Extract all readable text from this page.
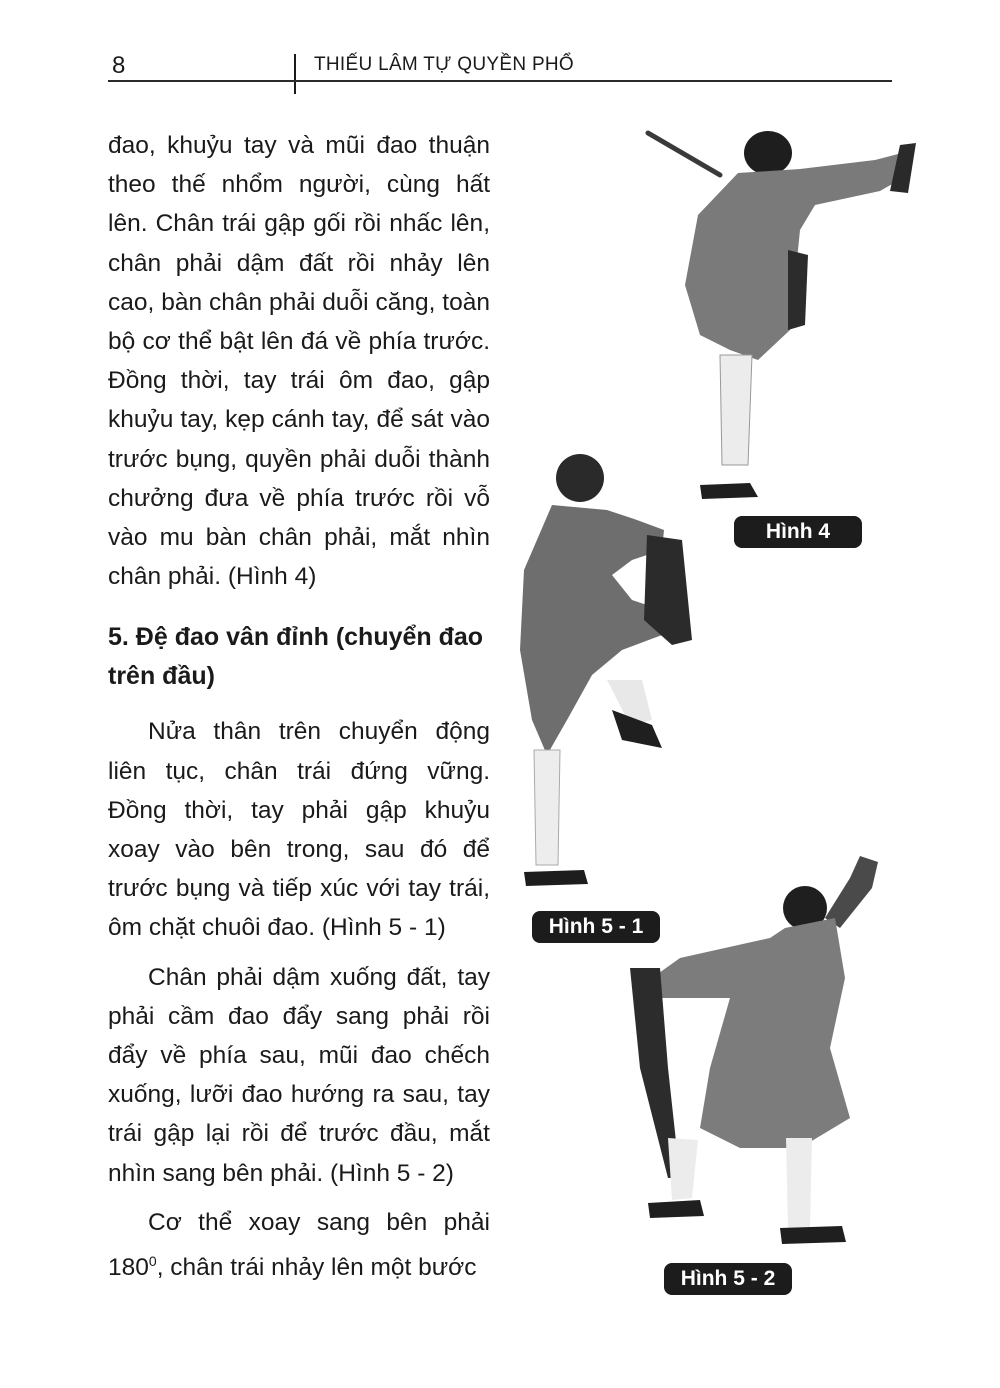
8	THIẾU LÂM TỰ QUYỀN PHỔ

đao, khuỷu tay và mũi đao thuận theo thế nhổm người, cùng hất lên. Chân trái gập gối rồi nhấc lên, chân phải dậm đất rồi nhảy lên cao, bàn chân phải duỗi căng, toàn bộ cơ thể bật lên đá về phía trước. Đồng thời, tay trái ôm đao, gập khuỷu tay, kẹp cánh tay, để sát vào trước bụng, quyền phải duỗi thành chưởng đưa về phía trước rồi vỗ vào mu bàn chân phải, mắt nhìn chân phải. (Hình 4)

5. Đệ đao vân đỉnh (chuyển đao trên đầu)

Nửa thân trên chuyển động liên tục, chân trái đứng vững. Đồng thời, tay phải gập khuỷu xoay vào bên trong, sau đó để trước bụng và tiếp xúc với tay trái, ôm chặt chuôi đao. (Hình 5 - 1)

Chân phải dậm xuống đất, tay phải cầm đao đẩy sang phải rồi đẩy về phía sau, mũi đao chếch xuống, lưỡi đao hướng ra sau, tay trái gập lại rồi để trước đầu, mắt nhìn sang bên phải. (Hình 5 - 2)

Cơ thể xoay sang bên phải $180^0$, chân trái nhảy lên một bước

Hình 4
Hình 5 - 1
Hình 5 - 2
